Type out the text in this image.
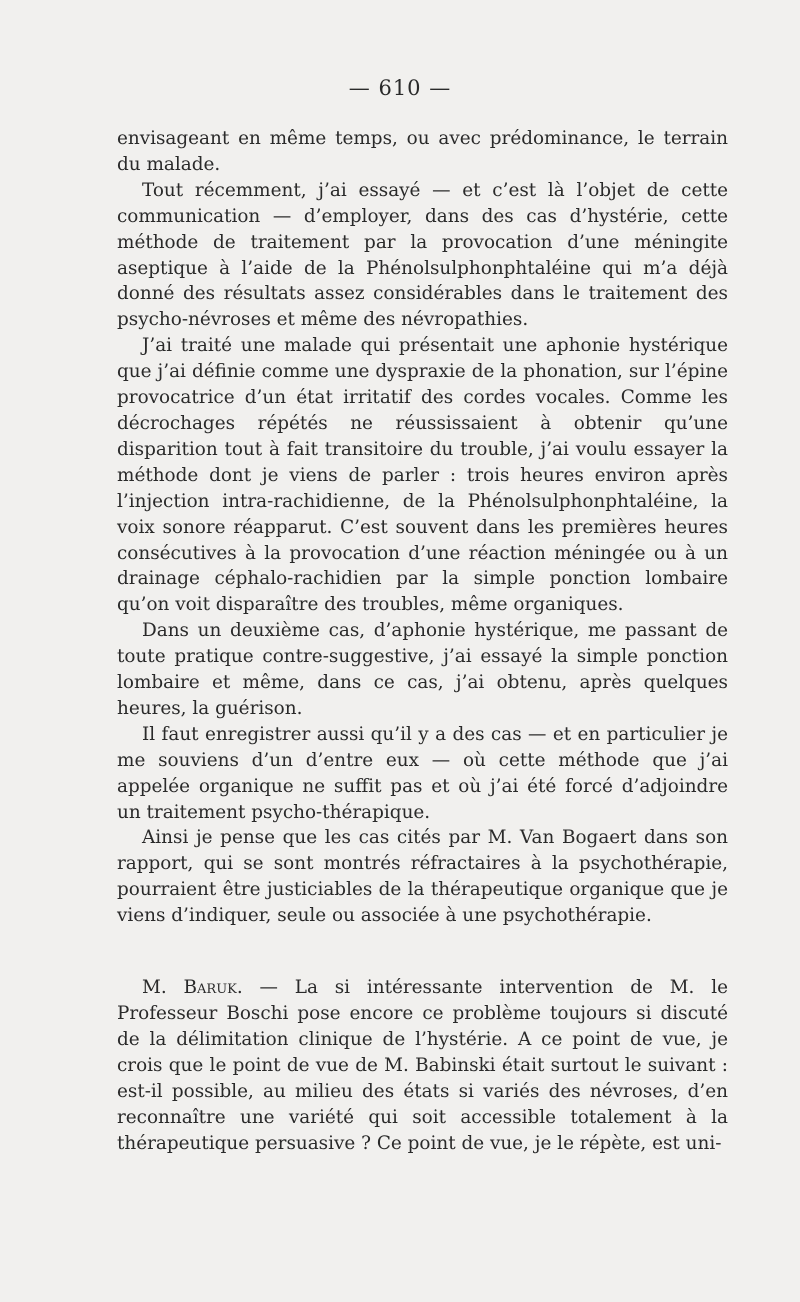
— 610 —

envisageant en même temps, ou avec prédominance, le terrain du malade.

Tout récemment, j’ai essayé — et c’est là l’objet de cette communication — d’employer, dans des cas d’hystérie, cette méthode de traitement par la provocation d’une méningite aseptique à l’aide de la Phénolsulphonphtaléine qui m’a déjà donné des résultats assez considérables dans le traitement des psycho-névroses et même des névropathies.

J’ai traité une malade qui présentait une aphonie hystérique que j’ai définie comme une dyspraxie de la phonation, sur l’épine provocatrice d’un état irritatif des cordes vocales. Comme les décrochages répétés ne réussissaient à obtenir qu’une disparition tout à fait transitoire du trouble, j’ai voulu essayer la méthode dont je viens de parler : trois heures environ après l’injection intra-rachidienne, de la Phénolsulphonphtaléine, la voix sonore réapparut. C’est souvent dans les premières heures consécutives à la provocation d’une réaction méningée ou à un drainage céphalo-rachidien par la simple ponction lombaire qu’on voit disparaître des troubles, même organiques.

Dans un deuxième cas, d’aphonie hystérique, me passant de toute pratique contre-suggestive, j’ai essayé la simple ponction lombaire et même, dans ce cas, j’ai obtenu, après quelques heures, la guérison.

Il faut enregistrer aussi qu’il y a des cas — et en particulier je me souviens d’un d’entre eux — où cette méthode que j’ai appelée organique ne suffit pas et où j’ai été forcé d’adjoindre un traitement psycho-thérapique.

Ainsi je pense que les cas cités par M. Van Bogaert dans son rapport, qui se sont montrés réfractaires à la psychothérapie, pourraient être justiciables de la thérapeutique organique que je viens d’indiquer, seule ou associée à une psychothérapie.

M. Baruk. — La si intéressante intervention de M. le Professeur Boschi pose encore ce problème toujours si discuté de la délimitation clinique de l’hystérie. A ce point de vue, je crois que le point de vue de M. Babinski était surtout le suivant : est-il possible, au milieu des états si variés des névroses, d’en reconnaître une variété qui soit accessible totalement à la thérapeutique persuasive ? Ce point de vue, je le répète, est uni-
